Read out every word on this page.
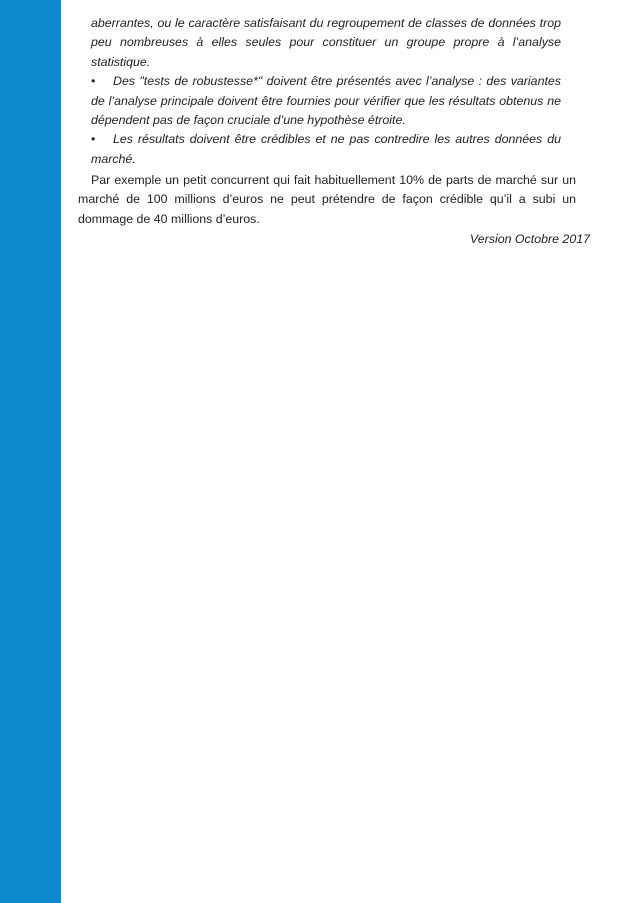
aberrantes, ou le caractère satisfaisant du regroupement de classes de données trop peu nombreuses à elles seules pour constituer un groupe propre à l’analyse statistique.

• Des "tests de robustesse*" doivent être présentés avec l’analyse : des variantes de l’analyse principale doivent être fournies pour vérifier que les résultats obtenus ne dépendent pas de façon cruciale d’une hypothèse étroite.

• Les résultats doivent être crédibles et ne pas contredire les autres données du marché.

Par exemple un petit concurrent qui fait habituellement 10% de parts de marché sur un marché de 100 millions d’euros ne peut prétendre de façon crédible qu’il a subi un dommage de 40 millions d’euros.

Version Octobre 2017
